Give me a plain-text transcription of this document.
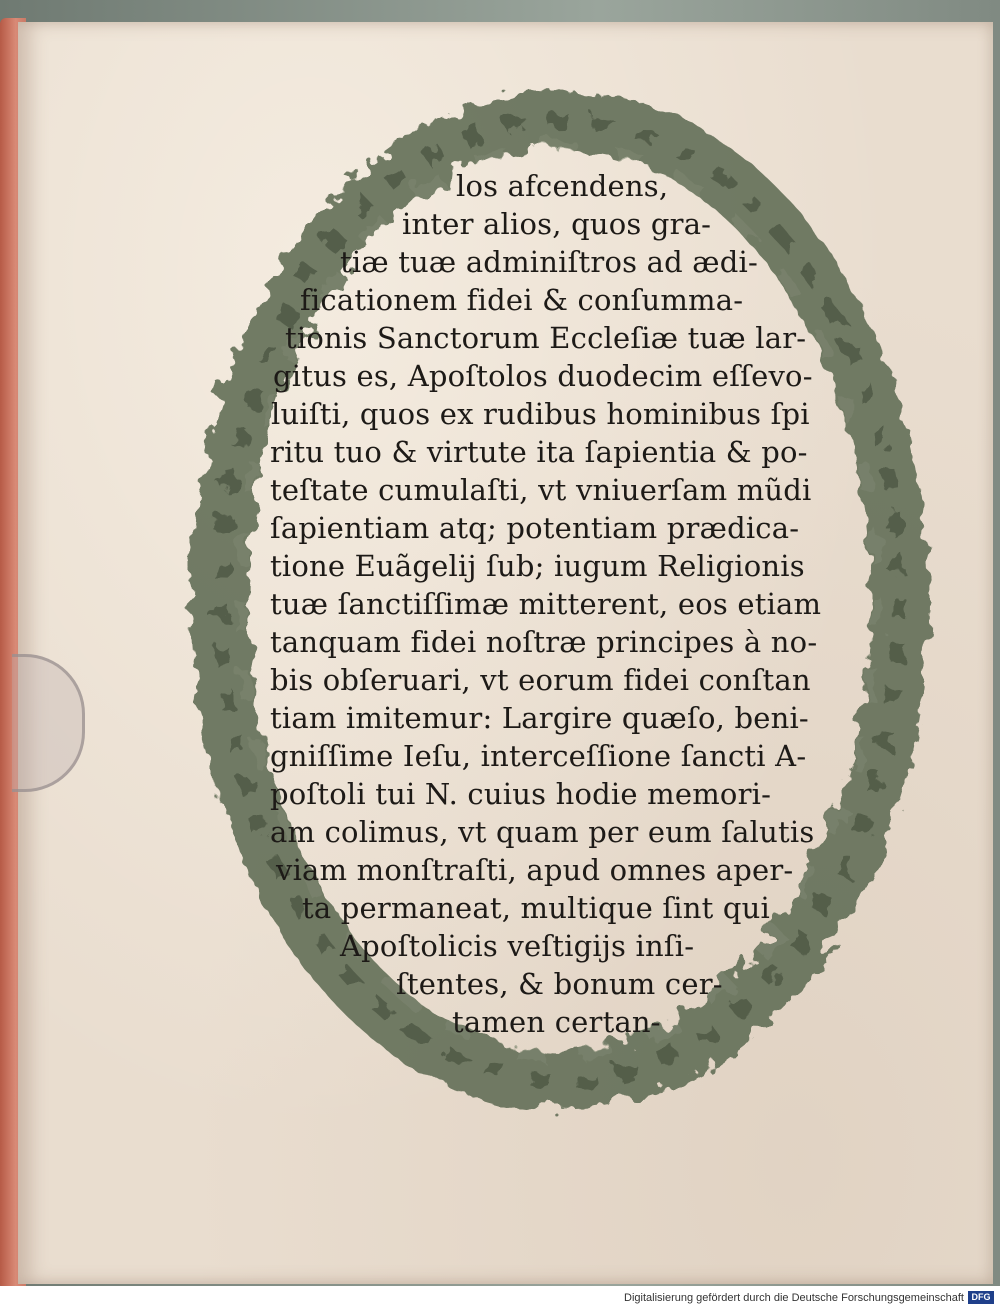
los afcendens,
inter alios, quos gra-
tiæ tuæ adminiſtros ad ædi-
ficationem fidei & conſumma-
tionis Sanctorum Eccleſiæ tuæ lar-
gitus es, Apoſtolos duodecim eſſevo-
luiſti, quos ex rudibus hominibus ſpi
ritu tuo & virtute ita ſapientia & po-
teſtate cumulaſti, vt vniuerſam mũdi
ſapientiam atq; potentiam prædica-
tione Euãgelij ſub; iugum Religionis
tuæ ſanctiſſimæ mitterent, eos etiam
tanquam fidei noſtræ principes à no-
bis obſeruari, vt eorum fidei conſtan
tiam imitemur: Largire quæſo, beni-
gniſſime Ieſu, interceſſione ſancti A-
poſtoli tui N. cuius hodie memori-
am colimus, vt quam per eum ſalutis
viam monſtraſti, apud omnes aper-
ta permaneat, multique ſint qui
Apoſtolicis veſtigijs inſi-
ſtentes, & bonum cer-
tamen certan-
Digitalisierung gefördert durch die Deutsche Forschungsgemeinschaft DFG
